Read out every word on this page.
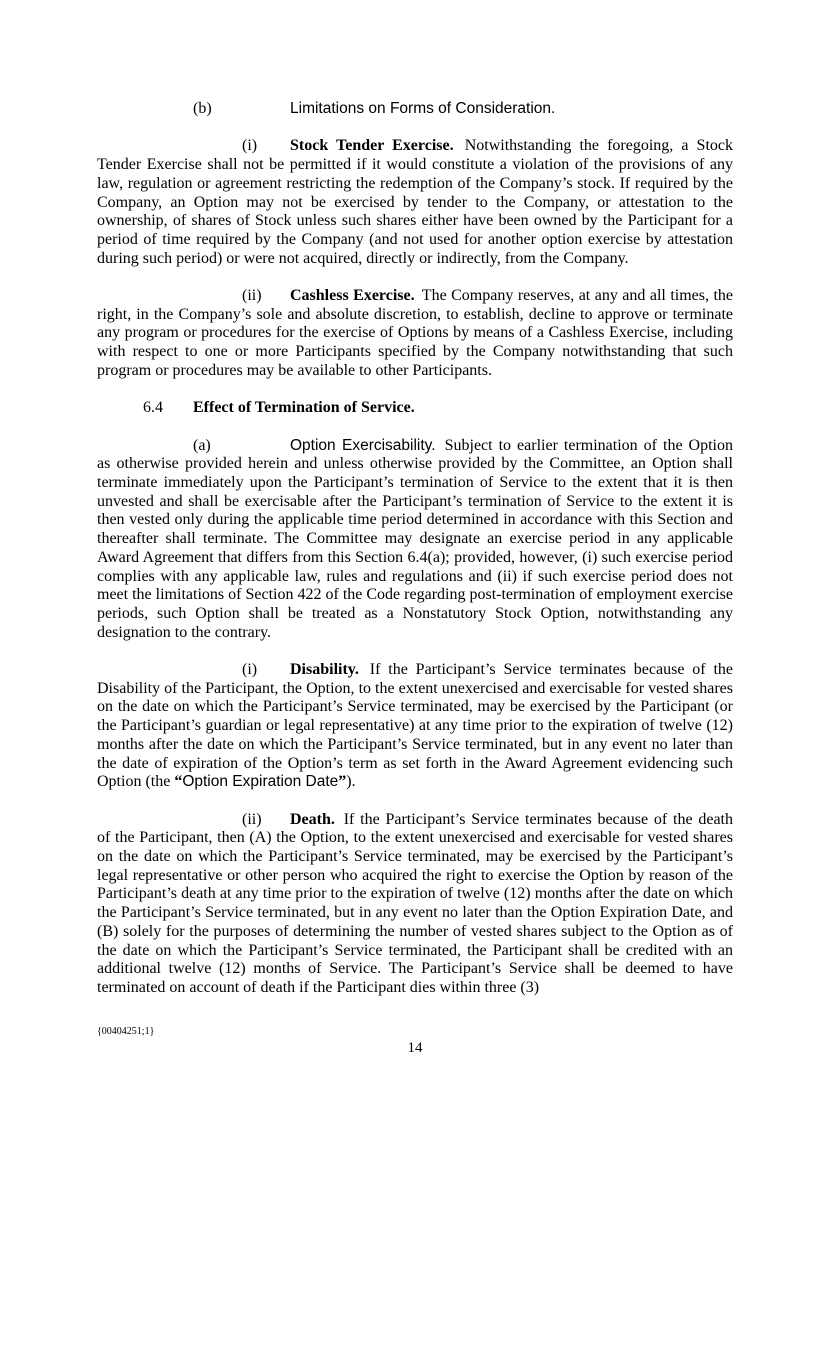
(b)	Limitations on Forms of Consideration.

(i) Stock Tender Exercise. Notwithstanding the foregoing, a Stock Tender Exercise shall not be permitted if it would constitute a violation of the provisions of any law, regulation or agreement restricting the redemption of the Company’s stock. If required by the Company, an Option may not be exercised by tender to the Company, or attestation to the ownership, of shares of Stock unless such shares either have been owned by the Participant for a period of time required by the Company (and not used for another option exercise by attestation during such period) or were not acquired, directly or indirectly, from the Company.

(ii) Cashless Exercise. The Company reserves, at any and all times, the right, in the Company’s sole and absolute discretion, to establish, decline to approve or terminate any program or procedures for the exercise of Options by means of a Cashless Exercise, including with respect to one or more Participants specified by the Company notwithstanding that such program or procedures may be available to other Participants.

6.4 Effect of Termination of Service.

(a)	Option Exercisability. Subject to earlier termination of the Option as otherwise provided herein and unless otherwise provided by the Committee, an Option shall terminate immediately upon the Participant’s termination of Service to the extent that it is then unvested and shall be exercisable after the Participant’s termination of Service to the extent it is then vested only during the applicable time period determined in accordance with this Section and thereafter shall terminate. The Committee may designate an exercise period in any applicable Award Agreement that differs from this Section 6.4(a); provided, however, (i) such exercise period complies with any applicable law, rules and regulations and (ii) if such exercise period does not meet the limitations of Section 422 of the Code regarding post-termination of employment exercise periods, such Option shall be treated as a Nonstatutory Stock Option, notwithstanding any designation to the contrary.

(i) Disability. If the Participant’s Service terminates because of the Disability of the Participant, the Option, to the extent unexercised and exercisable for vested shares on the date on which the Participant’s Service terminated, may be exercised by the Participant (or the Participant’s guardian or legal representative) at any time prior to the expiration of twelve (12) months after the date on which the Participant’s Service terminated, but in any event no later than the date of expiration of the Option’s term as set forth in the Award Agreement evidencing such Option (the “Option Expiration Date”).

(ii) Death. If the Participant’s Service terminates because of the death of the Participant, then (A) the Option, to the extent unexercised and exercisable for vested shares on the date on which the Participant’s Service terminated, may be exercised by the Participant’s legal representative or other person who acquired the right to exercise the Option by reason of the Participant’s death at any time prior to the expiration of twelve (12) months after the date on which the Participant’s Service terminated, but in any event no later than the Option Expiration Date, and (B) solely for the purposes of determining the number of vested shares subject to the Option as of the date on which the Participant’s Service terminated, the Participant shall be credited with an additional twelve (12) months of Service. The Participant’s Service shall be deemed to have terminated on account of death if the Participant dies within three (3)

{00404251;1}
14
